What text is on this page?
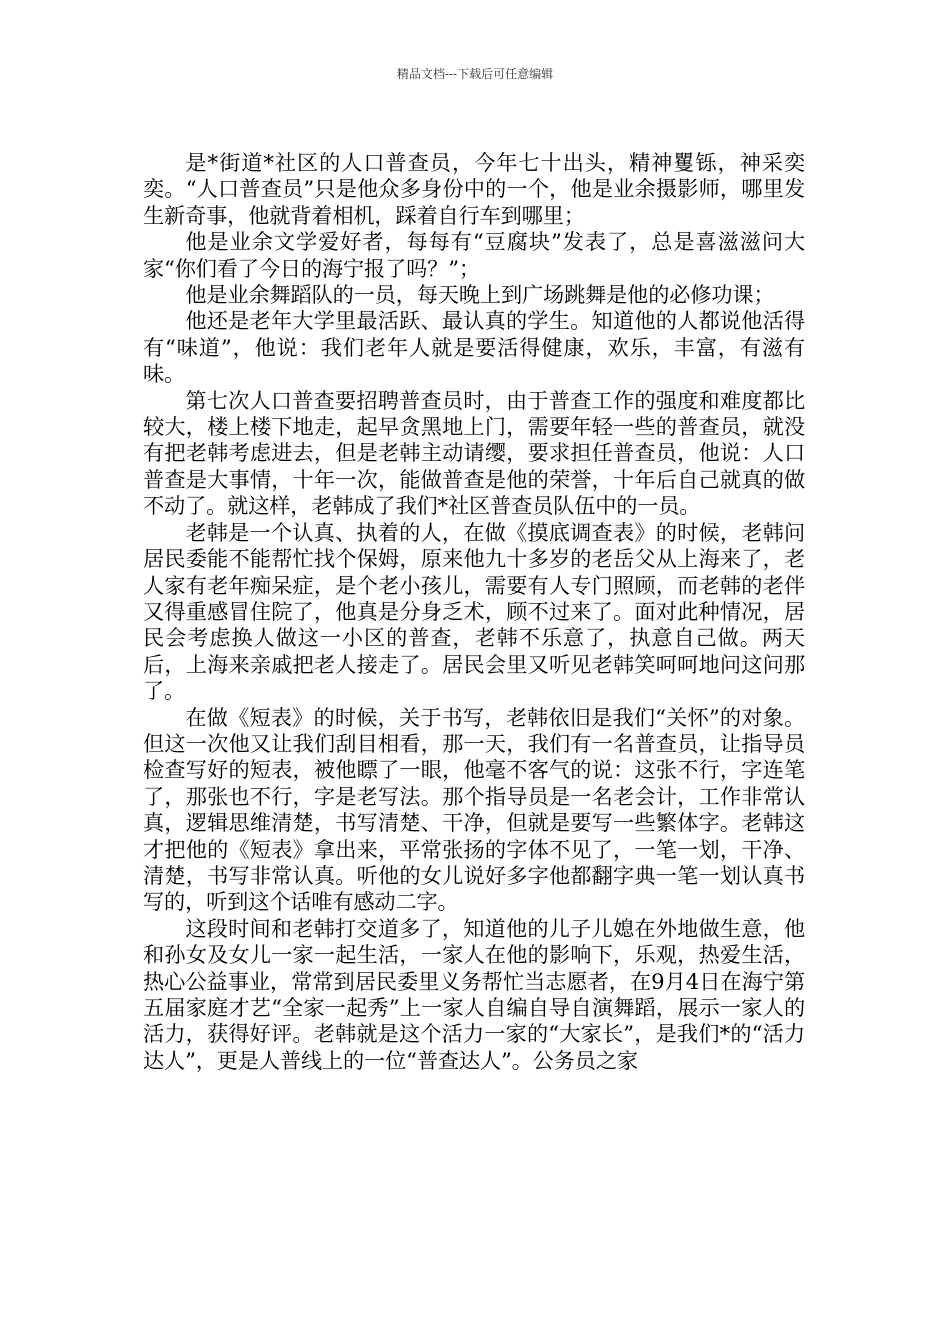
精品文档---下载后可任意编辑

是*街道*社区的人口普查员，今年七十出头，精神矍铄，神采奕奕。“人口普查员”只是他众多身份中的一个，他是业余摄影师，哪里发生新奇事，他就背着相机，踩着自行车到哪里；

他是业余文学爱好者，每每有“豆腐块”发表了，总是喜滋滋问大家“你们看了今日的海宁报了吗？”；

他是业余舞蹈队的一员，每天晚上到广场跳舞是他的必修功课；

他还是老年大学里最活跃、最认真的学生。知道他的人都说他活得有“味道”，他说：我们老年人就是要活得健康，欢乐，丰富，有滋有味。

第七次人口普查要招聘普查员时，由于普查工作的强度和难度都比较大，楼上楼下地走，起早贪黑地上门，需要年轻一些的普查员，就没有把老韩考虑进去，但是老韩主动请缨，要求担任普查员，他说：人口普查是大事情，十年一次，能做普查是他的荣誉，十年后自己就真的做不动了。就这样，老韩成了我们*社区普查员队伍中的一员。

老韩是一个认真、执着的人，在做《摸底调查表》的时候，老韩问居民委能不能帮忙找个保姆，原来他九十多岁的老岳父从上海来了，老人家有老年痴呆症，是个老小孩儿，需要有人专门照顾，而老韩的老伴又得重感冒住院了，他真是分身乏术，顾不过来了。面对此种情况，居民会考虑换人做这一小区的普查，老韩不乐意了，执意自己做。两天后，上海来亲戚把老人接走了。居民会里又听见老韩笑呵呵地问这问那了。

在做《短表》的时候，关于书写，老韩依旧是我们“关怀”的对象。但这一次他又让我们刮目相看，那一天，我们有一名普查员，让指导员检查写好的短表，被他瞟了一眼，他毫不客气的说：这张不行，字连笔了，那张也不行，字是老写法。那个指导员是一名老会计，工作非常认真，逻辑思维清楚，书写清楚、干净，但就是要写一些繁体字。老韩这才把他的《短表》拿出来，平常张扬的字体不见了，一笔一划，干净、清楚，书写非常认真。听他的女儿说好多字他都翻字典一笔一划认真书写的，听到这个话唯有感动二字。

这段时间和老韩打交道多了，知道他的儿子儿媳在外地做生意，他和孙女及女儿一家一起生活，一家人在他的影响下，乐观，热爱生活，热心公益事业，常常到居民委里义务帮忙当志愿者，在9月4日在海宁第五届家庭才艺“全家一起秀”上一家人自编自导自演舞蹈，展示一家人的活力，获得好评。老韩就是这个活力一家的“大家长”，是我们*的“活力达人”，更是人普线上的一位“普查达人”。公务员之家
